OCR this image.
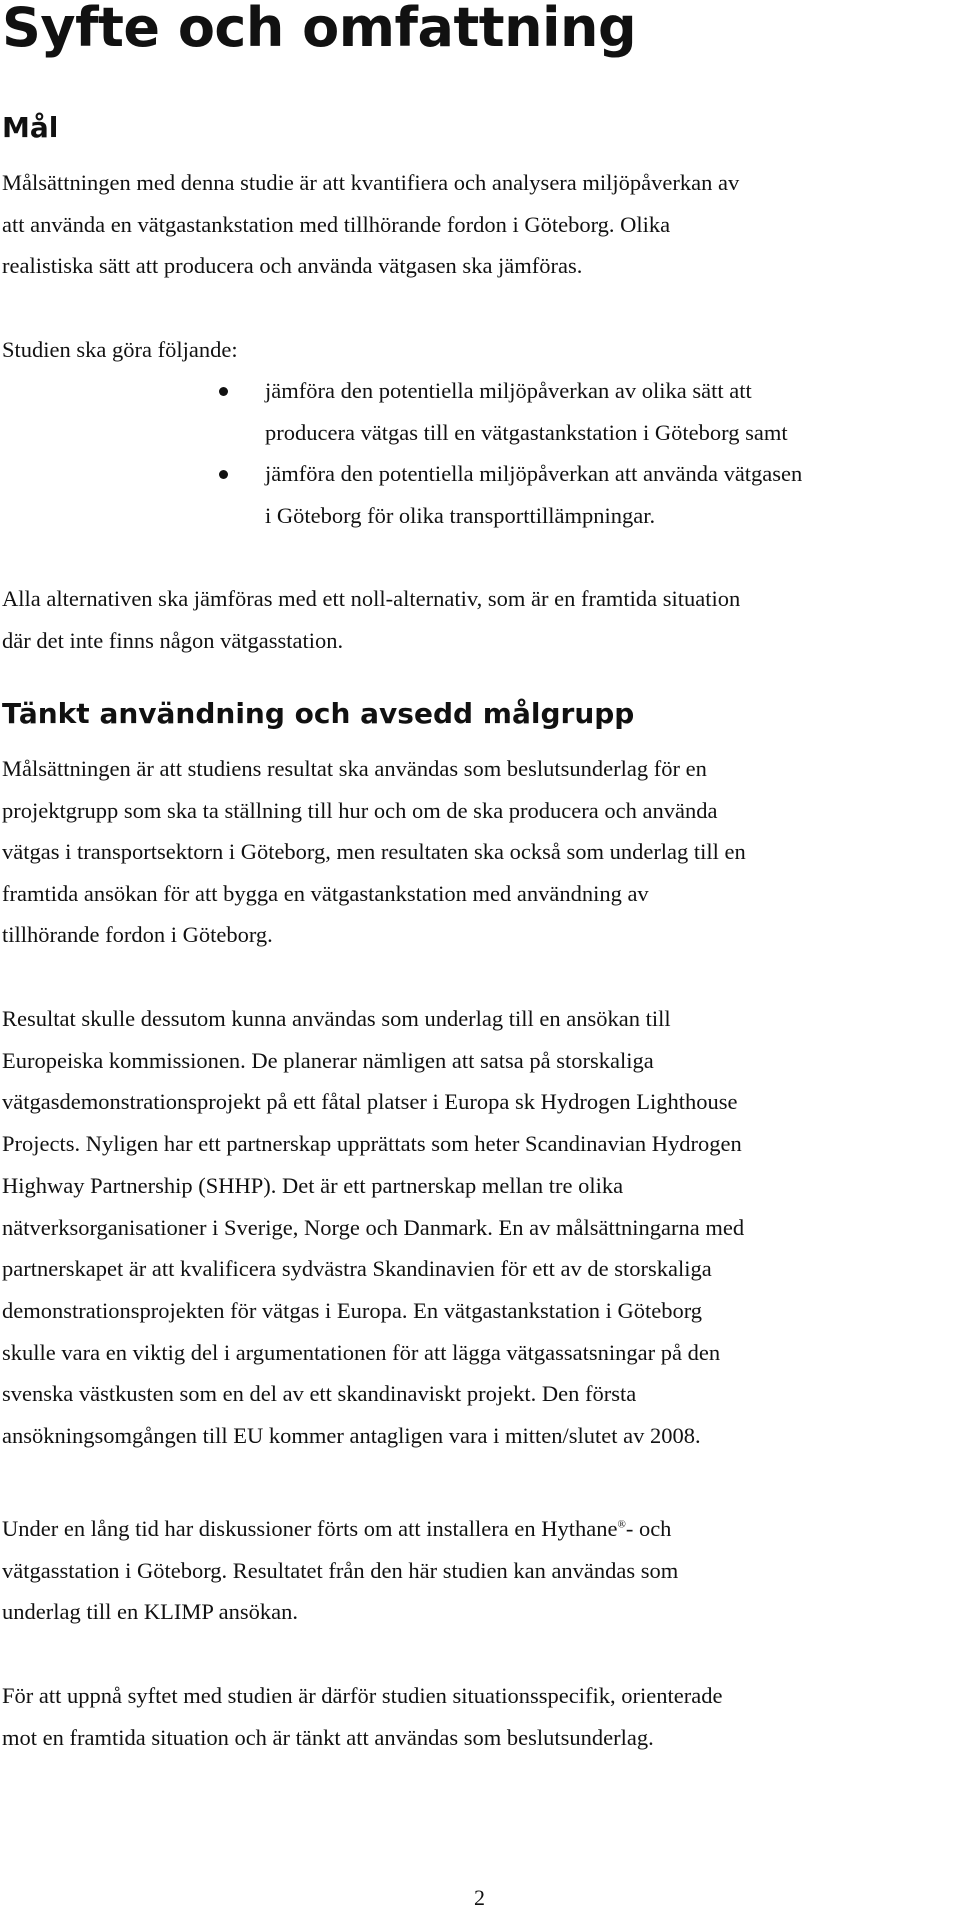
Syfte och omfattning
Mål

Målsättningen med denna studie är att kvantifiera och analysera miljöpåverkan av
att använda en vätgastankstation med tillhörande fordon i Göteborg. Olika
realistiska sätt att producera och använda vätgasen ska jämföras.

Studien ska göra följande:

jämföra den potentiella miljöpåverkan av olika sätt att
producera vätgas till en vätgastankstation i Göteborg samt
jämföra den potentiella miljöpåverkan att använda vätgasen
i Göteborg för olika transporttillämpningar.

Alla alternativen ska jämföras med ett noll-alternativ, som är en framtida situation
där det inte finns någon vätgasstation.

Tänkt användning och avsedd målgrupp

Målsättningen är att studiens resultat ska användas som beslutsunderlag för en
projektgrupp som ska ta ställning till hur och om de ska producera och använda
vätgas i transportsektorn i Göteborg, men resultaten ska också som underlag till en
framtida ansökan för att bygga en vätgastankstation med användning av
tillhörande fordon i Göteborg.

Resultat skulle dessutom kunna användas som underlag till en ansökan till
Europeiska kommissionen. De planerar nämligen att satsa på storskaliga
vätgasdemonstrationsprojekt på ett fåtal platser i Europa sk Hydrogen Lighthouse
Projects. Nyligen har ett partnerskap upprättats som heter Scandinavian Hydrogen
Highway Partnership (SHHP). Det är ett partnerskap mellan tre olika
nätverksorganisationer i Sverige, Norge och Danmark. En av målsättningarna med
partnerskapet är att kvalificera sydvästra Skandinavien för ett av de storskaliga
demonstrationsprojekten för vätgas i Europa. En vätgastankstation i Göteborg
skulle vara en viktig del i argumentationen för att lägga vätgassatsningar på den
svenska västkusten som en del av ett skandinaviskt projekt. Den första
ansökningsomgången till EU kommer antagligen vara i mitten/slutet av 2008.

Under en lång tid har diskussioner förts om att installera en Hythane®- och
vätgasstation i Göteborg. Resultatet från den här studien kan användas som
underlag till en KLIMP ansökan.

För att uppnå syftet med studien är därför studien situationsspecifik, orienterade
mot en framtida situation och är tänkt att användas som beslutsunderlag.

2
